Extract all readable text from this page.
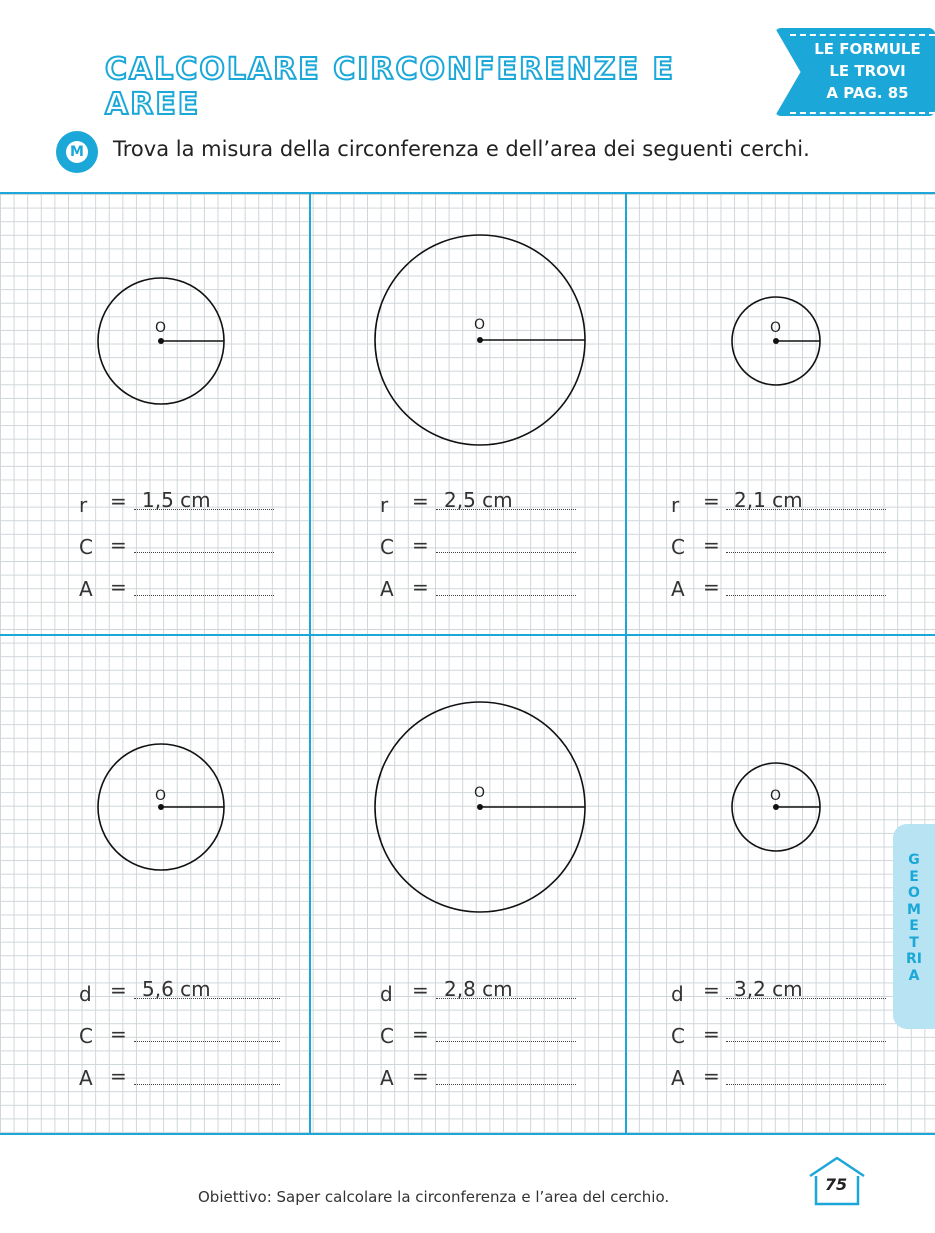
CALCOLARE CIRCONFERENZE E AREE
LE FORMULE
LE TROVI
A PAG. 85
M Trova la misura della circonferenza e dell’area dei seguenti cerchi.
O	O	O
O	O	O
r = 1,5 cm
C =
A =
r = 2,5 cm
C =
A =
r = 2,1 cm
C =
A =
d = 5,6 cm
C =
A =
d = 2,8 cm
C =
A =
d = 3,2 cm
C =
A =
GEOMETRIA
Obiettivo: Saper calcolare la circonferenza e l’area del cerchio.
75
